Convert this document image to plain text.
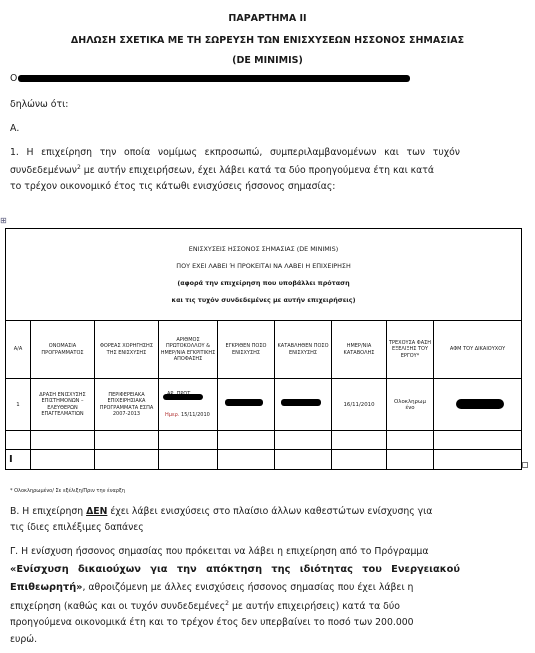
ΠΑΡΑΡΤΗΜΑ ΙΙ
ΔΗΛΩΣΗ ΣΧΕΤΙΚΑ ΜΕ ΤΗ ΣΩΡΕΥΣΗ ΤΩΝ ΕΝΙΣΧΥΣΕΩΝ ΗΣΣΟΝΟΣ ΣΗΜΑΣΙΑΣ
(DE MINIMIS)
Ο
δηλώνω ότι:
Α.
1. Η επιχείρηση την οποία νομίμως εκπροσωπώ, συμπεριλαμβανομένων και των τυχόν
συνδεδεμένων$^2$ με αυτήν επιχειρήσεων, έχει λάβει κατά τα δύο προηγούμενα έτη και κατά
το τρέχον οικονομικό έτος τις κάτωθι ενισχύσεις ήσσονος σημασίας:
⊞
ΕΝΙΣΧΥΣΕΙΣ ΗΣΣΟΝΟΣ ΣΗΜΑΣΙΑΣ (DE MINIMIS)
ΠΟΥ ΕΧΕΙ ΛΑΒΕΙ Ή ΠΡΟΚΕΙΤΑΙ ΝΑ ΛΑΒΕΙ Η ΕΠΙΧΕΙΡΗΣΗ
(αφορά την επιχείρηση που υποβάλλει πρόταση
και τις τυχόν συνδεδεμένες με αυτήν επιχειρήσεις)								

Α/Α	ΟΝΟΜΑΣΙΑ ΠΡΟΓΡΑΜΜΑΤΟΣ	ΦΟΡΕΑΣ ΧΟΡΗΓΗΣΗΣ ΤΗΣ ΕΝΙΣΧΥΣΗΣ	ΑΡΙΘΜΟΣ ΠΡΩΤΟΚΟΛΛΟΥ & ΗΜΕΡ/ΝΙΑ ΕΓΚΡΙΤΙΚΗΣ ΑΠΟΦΑΣΗΣ	ΕΓΚΡΙΘΕΝ ΠΟΣΟ ΕΝΙΣΧΥΣΗΣ	ΚΑΤΑΒΛΗΘΕΝ ΠΟΣΟ ΕΝΙΣΧΥΣΗΣ	ΗΜΕΡ/ΝΙΑ ΚΑΤΑΒΟΛΗΣ	ΤΡΕΧΟΥΣΑ ΦΑΣΗ ΕΞΕΛΙΞΗΣ ΤΟΥ ΕΡΓΟΥ*	ΑΦΜ ΤΟΥ ΔΙΚΑΙΟΥΧΟΥ
1	ΔΡΑΣΗ ΕΝΙΣΧΥΣΗΣ ΕΠΙΣΤΗΜΟΝΩΝ – ΕΛΕΥΘΕΡΩΝ ΕΠΑΓΓΕΛΜΑΤΙΩΝ	ΠΕΡΙΦΕΡΕΙΑΚΑ ΕΠΙΧΕΙΡΗΣΙΑΚΑ ΠΡΟΓΡΑΜΜΑΤΑ ΕΣΠΑ 2007-2013	Ημερ. 15/11/2010			16/11/2010	Ολοκληρωμένο	

I								
* Ολοκληρωμένο/ Σε εξέλιξη/Πριν την έναρξη
Β. Η επιχείρηση ΔΕΝ έχει λάβει ενισχύσεις στο πλαίσιο άλλων καθεστώτων ενίσχυσης για
τις ίδιες επιλέξιμες δαπάνες
Γ. Η ενίσχυση ήσσονος σημασίας που πρόκειται να λάβει η επιχείρηση από το Πρόγραμμα
«Ενίσχυση δικαιούχων για την απόκτηση της ιδιότητας του Ενεργειακού
Επιθεωρητή», αθροιζόμενη με άλλες ενισχύσεις ήσσονος σημασίας που έχει λάβει η
επιχείρηση (καθώς και οι τυχόν συνδεδεμένες$^2$ με αυτήν επιχειρήσεις) κατά τα δύο
προηγούμενα οικονομικά έτη και το τρέχον έτος δεν υπερβαίνει το ποσό των 200.000
ευρώ.
